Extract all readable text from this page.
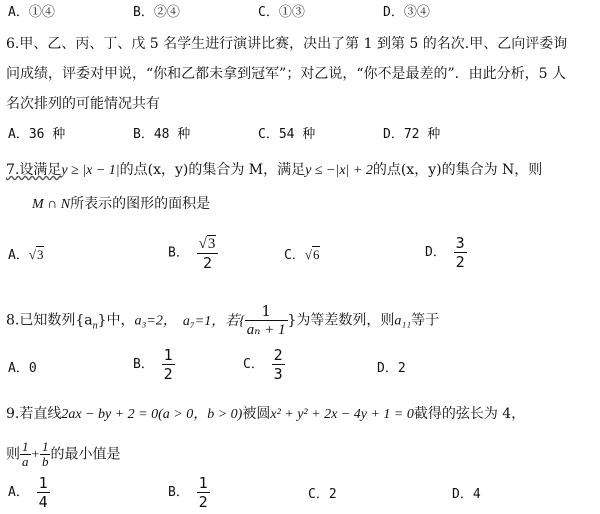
A．①④	B．②④	C．①③	D．③④
6.甲、乙、丙、丁、戊 5 名学生进行演讲比赛，决出了第 1 到第 5 的名次.甲、乙向评委询
问成绩，评委对甲说，“你和乙都未拿到冠军”；对乙说，“你不是最差的”．由此分析，5 人
名次排列的可能情况共有
A．36 种	B．48 种	C．54 种	D．72 种
7.设满足y ≥ |x − 1|的点(x，y)的集合为 M，满足y ≤ −|x| + 2的点(x，y)的集合为 N，则
M ∩ N所表示的图形的面积是
A．√3	B． $\frac{√3}{2}$	C．√6	D． $\frac{3}{2}$
8.已知数列$\{a_n\}$中，a₃=2， a₇=1，若{ $\frac{1}{\text{aₙ + 1}}$ }为等差数列，则a₁₁等于
A．0	B． $\frac{1}{2}$	C． $\frac{2}{3}$	D．2
9.若直线2ax − by + 2 = 0(a > 0，b > 0)被圆x² + y² + 2x − 4y + 1 = 0截得的弦长为 4，
则 $\frac{1}{a} + \frac{1}{b}$ 的最小值是
A． $\frac{1}{4}$	B． $\frac{1}{2}$	C．2	D．4
